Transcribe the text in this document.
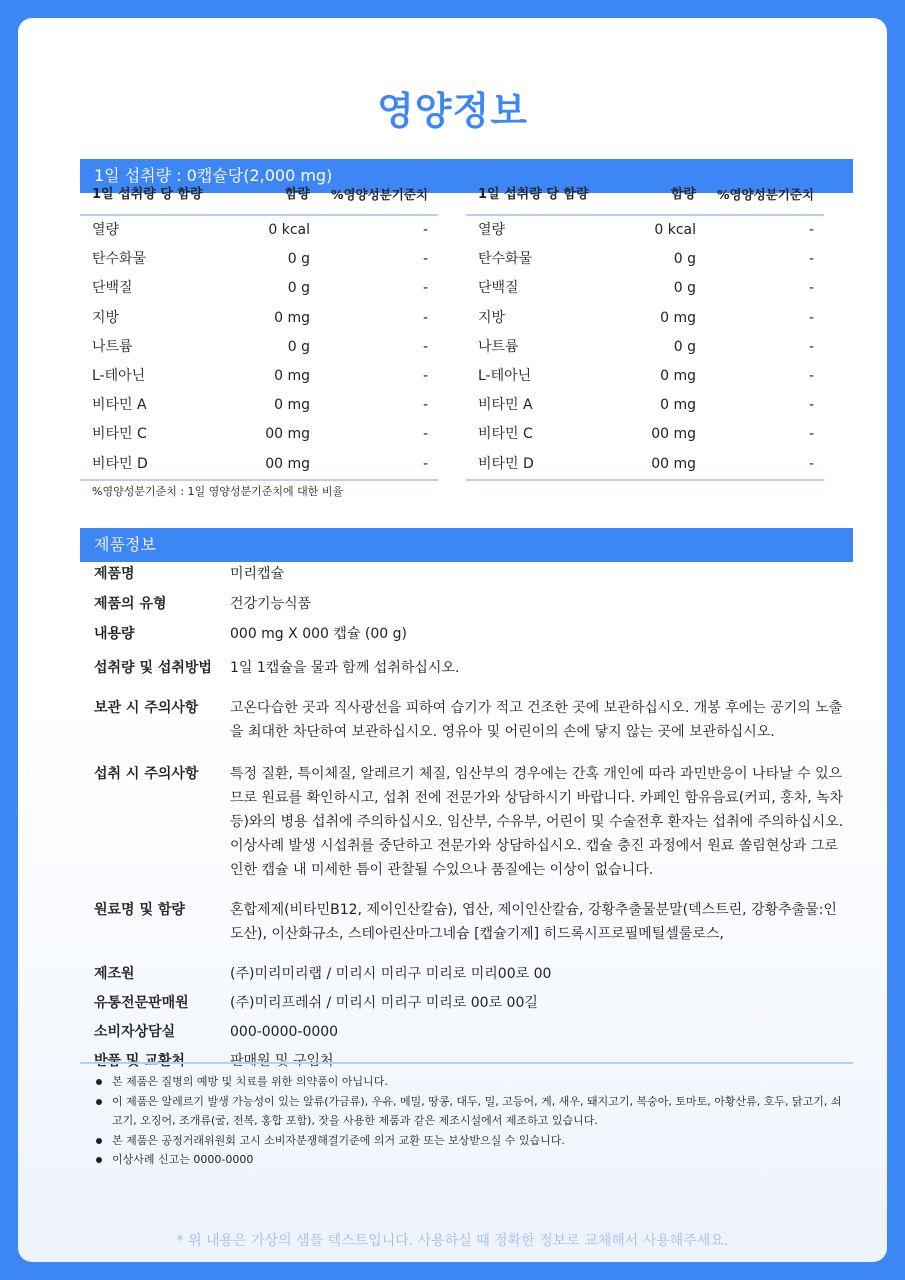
영양정보
1일 섭취량 : 0캡슐당(2,000 mg)
1일 섭취량 당 함량	함량	%영양성분기준치
열량	0 kcal	-
탄수화물	0 g	-
단백질	0 g	-
지방	0 mg	-
나트륨	0 g	-
L-테아닌	0 mg	-
비타민 A	0 mg	-
비타민 C	00 mg	-
비타민 D	00 mg	-
1일 섭취량 당 함량	함량	%영양성분기준치
열량	0 kcal	-
탄수화물	0 g	-
단백질	0 g	-
지방	0 mg	-
나트륨	0 g	-
L-테아닌	0 mg	-
비타민 A	0 mg	-
비타민 C	00 mg	-
비타민 D	00 mg	-
%영양성분기준치 : 1일 영양성분기준치에 대한 비율
제품정보
제품명	미리캡슐
제품의 유형	건강기능식품
내용량	000 mg X 000 캡슐 (00 g)
섭취량 및 섭취방법	1일 1캡슐을 물과 함께 섭취하십시오.
보관 시 주의사항	고온다습한 곳과 직사광선을 피하여 습기가 적고 건조한 곳에 보관하십시오. 개봉 후에는 공기의 노출을 최대한 차단하여 보관하십시오. 영유아 및 어린이의 손에 닿지 않는 곳에 보관하십시오.
섭취 시 주의사항	특정 질환, 특이체질, 알레르기 체질, 임산부의 경우에는 간혹 개인에 따라 과민반응이 나타날 수 있으므로 원료를 확인하시고, 섭취 전에 전문가와 상담하시기 바랍니다. 카페인 함유음료(커피, 홍차, 녹차 등)와의 병용 섭취에 주의하십시오. 임산부, 수유부, 어린이 및 수술전후 환자는 섭취에 주의하십시오. 이상사례 발생 시섭취를 중단하고 전문가와 상담하십시오. 캡슐 충진 과정에서 원료 쏠림현상과 그로인한 캡슐 내 미세한 틈이 관찰될 수있으나 품질에는 이상이 없습니다.
원료명 및 함량	혼합제제(비타민B12, 제이인산칼슘), 엽산, 제이인산칼슘, 강황추출물분말(덱스트린, 강황추출물:인도산), 이산화규소, 스테아린산마그네슘 [캡슐기제] 히드록시프로필메틸셀룰로스,
제조원	(주)미리미리랩 / 미리시 미리구 미리로 미리00로 00
유통전문판매원	(주)미리프레쉬 / 미리시 미리구 미리로 00로 00길
소비자상담실	000-0000-0000
반품 및 교환처	판매원 및 구입처
본 제품은 질병의 예방 및 치료를 위한 의약품이 아닙니다.
이 제품은 알레르기 발생 가능성이 있는 알류(가금류), 우유, 메밀, 땅콩, 대두, 밀, 고등어, 게, 새우, 돼지고기, 복숭아, 토마토, 아황산류, 호두, 닭고기, 쇠고기, 오징어, 조개류(굴, 전복, 홍합 포함), 잣을 사용한 제품과 같은 제조시설에서 제조하고 있습니다.
본 제품은 공정거래위원회 고시 소비자분쟁해결기준에 의거 교환 또는 보상받으실 수 있습니다.
이상사례 신고는 0000-0000
* 위 내용은 가상의 샘플 텍스트입니다. 사용하실 때 정확한 정보로 교체해서 사용해주세요.
